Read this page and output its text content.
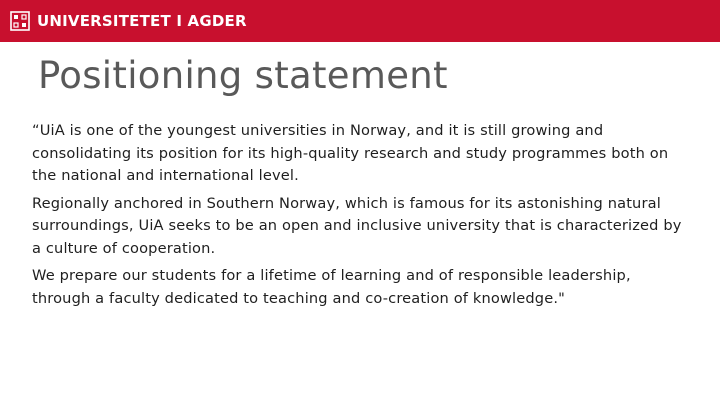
UNIVERSITETET I AGDER
Positioning statement

“UiA is one of the youngest universities in Norway, and it is still growing and consolidating its position for its high-quality research and study programmes both on the national and international level.

Regionally anchored in Southern Norway, which is famous for its astonishing natural surroundings, UiA seeks to be an open and inclusive university that is characterized by a culture of cooperation.

We prepare our students for a lifetime of learning and of responsible leadership, through a faculty dedicated to teaching and co-creation of knowledge."
